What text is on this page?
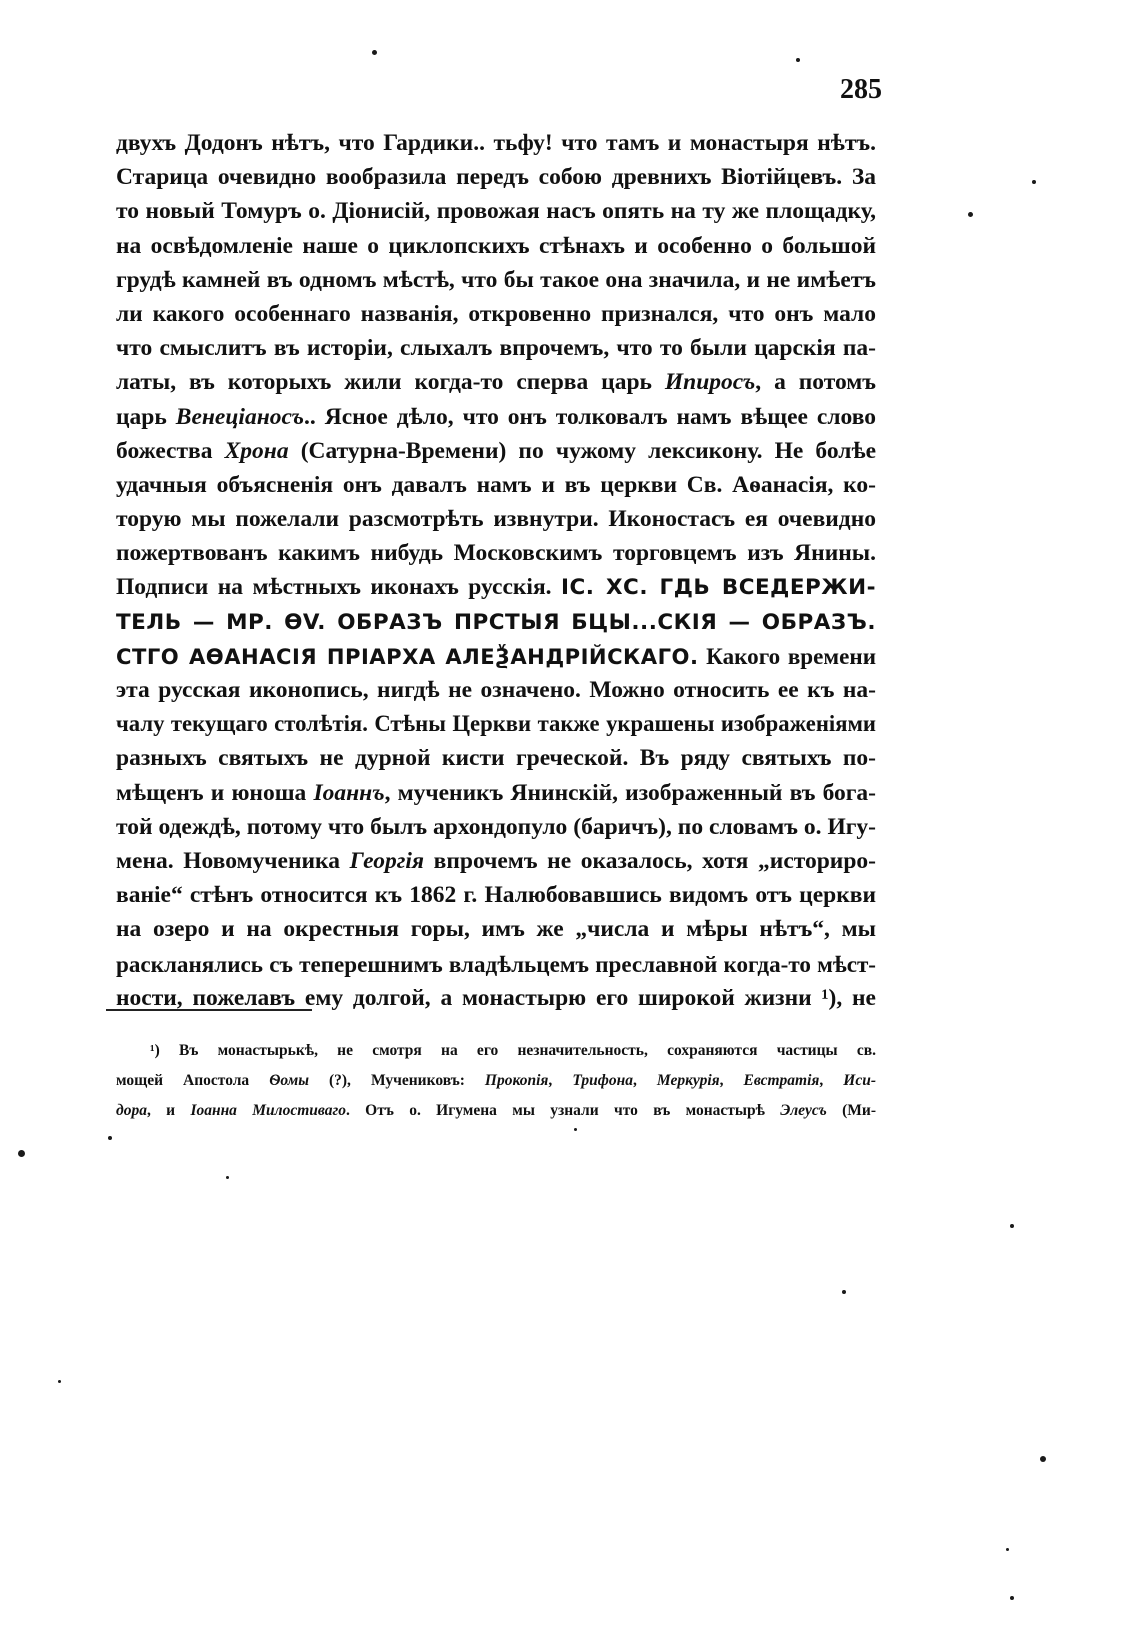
285
двухъ Додонъ нѣтъ, что Гардики.. тьфу! что тамъ и монастыря нѣтъ.
Старица очевидно вообразила передъ собою древнихъ Віотійцевъ. За
то новый Томуръ о. Діонисій, провожая насъ опять на ту же площадку,
на освѣдомленіе наше о циклопскихъ стѣнахъ и особенно о большой
грудѣ камней въ одномъ мѣстѣ, что бы такое она значила, и не имѣетъ
ли какого особеннаго названія, откровенно признался, что онъ мало
что смыслитъ въ исторіи, слыхалъ впрочемъ, что то были царскія па-
латы, въ которыхъ жили когда-то сперва царь Ипиросъ, а потомъ
царь Венеціаносъ.. Ясное дѣло, что онъ толковалъ намъ вѣщее слово
божества Хрона (Сатурна-Времени) по чужому лексикону. Не болѣе
удачныя объясненія онъ давалъ намъ и въ церкви Св. Аѳанасія, ко-
торую мы пожелали разсмотрѣть извнутри. Иконостасъ ея очевидно
пожертвованъ какимъ нибудь Московскимъ торговцемъ изъ Янины.
Подписи на мѣстныхъ иконахъ русскія. ІС. ХС. ГДЬ ВСЕДЕРЖИ-
ТЕЛЬ — МР. ѲV. ОБРАЗЪ ПРСТЫЯ БЦЫ...СКІЯ — ОБРАЗЪ.
СТГО АѲАНАСІЯ ПРІАРХА АЛЕѮАНДРІЙСКАГО. Какого времени
эта русская иконопись, нигдѣ не означено. Можно относить ее къ на-
чалу текущаго столѣтія. Стѣны Церкви также украшены изображеніями
разныхъ святыхъ не дурной кисти греческой. Въ ряду святыхъ по-
мѣщенъ и юноша Іоаннъ, мученикъ Янинскій, изображенный въ бога-
той одеждѣ, потому что былъ архондопуло (баричъ), по словамъ о. Игу-
мена. Новомученика Георгія впрочемъ не оказалось, хотя „историро-
ваніе“ стѣнъ относится къ 1862 г. Налюбовавшись видомъ отъ церкви
на озеро и на окрестныя горы, имъ же „числа и мѣры нѣтъ“, мы
раскланялись съ теперешнимъ владѣльцемъ преславной когда-то мѣст-
ности, пожелавъ ему долгой, а монастырю его широкой жизни ¹), не
¹) Въ монастырькѣ, не смотря на его незначительность, сохраняются частицы св.
мощей Апостола Ѳомы (?), Мучениковъ: Прокопія, Трифона, Меркурія, Евстратія, Иси-
дора, и Іоанна Милостиваго. Отъ о. Игумена мы узнали что въ монастырѣ Элеусъ (Ми-
